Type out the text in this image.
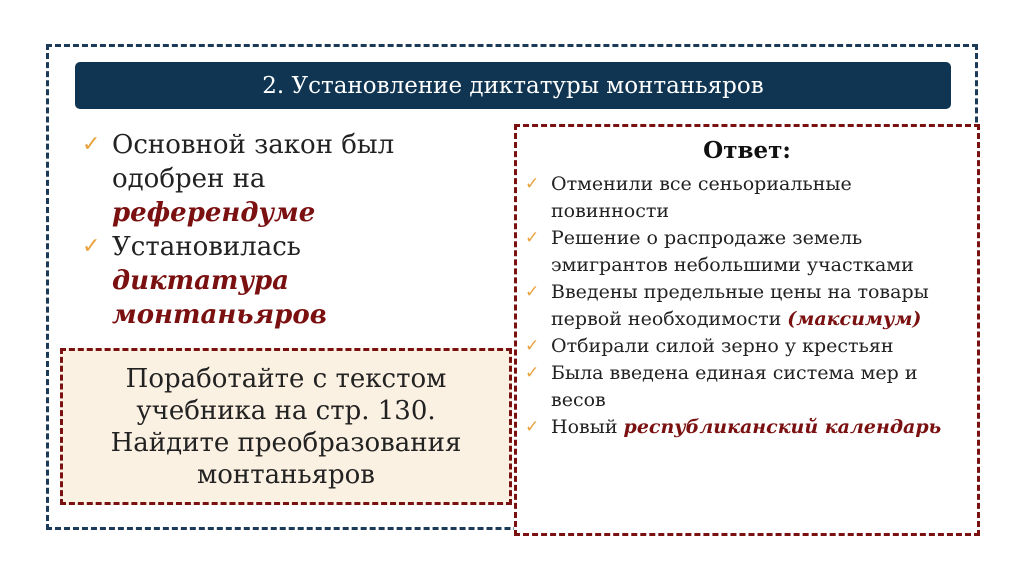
2. Установление диктатуры монтаньяров
✓ Основной закон был одобрен на референдуме
✓ Установилась диктатура монтаньяров
Поработайте с текстом
учебника на стр. 130.
Найдите преобразования
монтаньяров
Ответ:
✓ Отменили все сеньориальные повинности
✓ Решение о распродаже земель эмигрантов небольшими участками
✓ Введены предельные цены на товары первой необходимости (максимум)
✓ Отбирали силой зерно у крестьян
✓ Была введена единая система мер и весов
✓ Новый республиканский календарь
